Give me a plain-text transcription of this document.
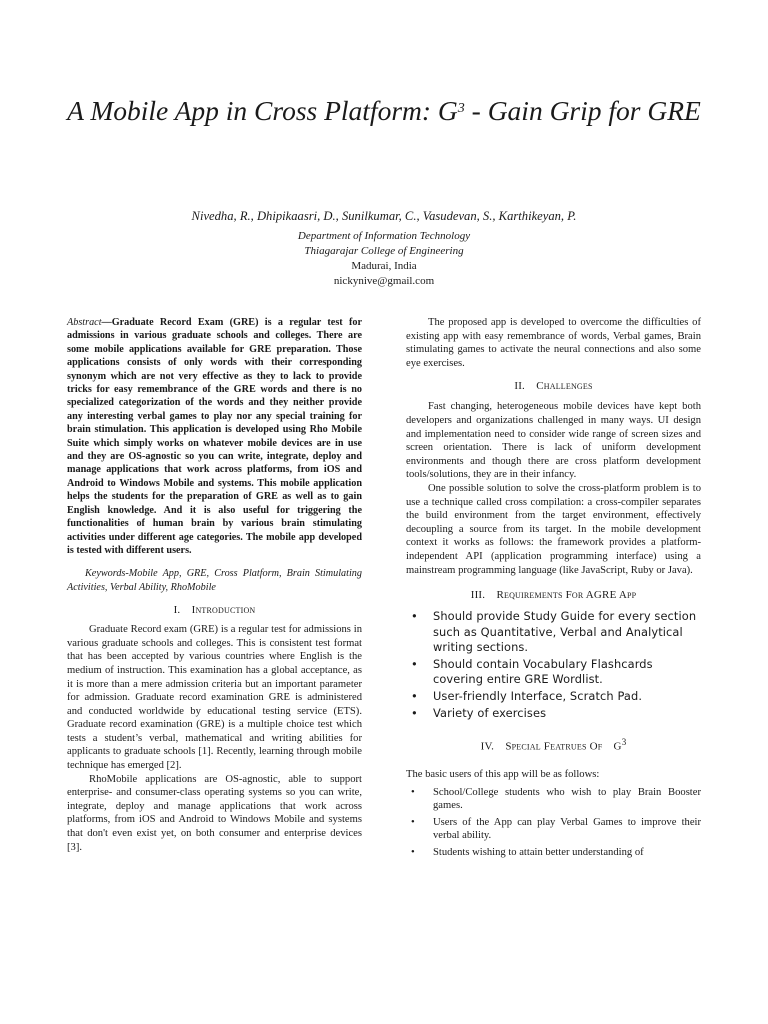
A Mobile App in Cross Platform: $G^3$ - Gain Grip for GRE
Nivedha, R., Dhipikaasri, D., Sunilkumar, C., Vasudevan, S., Karthikeyan, P.
Department of Information Technology
Thiagarajar College of Engineering
Madurai, India
nickynive@gmail.com

Abstract—Graduate Record Exam (GRE) is a regular test for admissions in various graduate schools and colleges. There are some mobile applications available for GRE preparation. Those applications consists of only words with their corresponding synonym which are not very effective as they to lack to provide tricks for easy remembrance of the GRE words and there is no specialized categorization of the words and they neither provide any interesting verbal games to play nor any special training for brain stimulation. This application is developed using Rho Mobile Suite which simply works on whatever mobile devices are in use and they are OS-agnostic so you can write, integrate, deploy and manage applications that work across platforms, from iOS and Android to Windows Mobile and systems. This mobile application helps the students for the preparation of GRE as well as to gain English knowledge. And it is also useful for triggering the functionalities of human brain by various brain stimulating activities under different age categories. The mobile app developed is tested with different users.

Keywords-Mobile App, GRE, Cross Platform, Brain Stimulating Activities, Verbal Ability, RhoMobile

I. Introduction

Graduate Record exam (GRE) is a regular test for admissions in various graduate schools and colleges. This is consistent test format that has been accepted by various countries where English is the medium of instruction. This examination has a global acceptance, as it is more than a mere admission criteria but an important parameter for admission. Graduate record examination GRE is administered and conducted worldwide by educational testing service (ETS). Graduate record examination (GRE) is a multiple choice test which tests a student’s verbal, mathematical and writing abilities for applicants to graduate schools [1]. Recently, learning through mobile technique has emerged [2].

RhoMobile applications are OS-agnostic, able to support enterprise- and consumer-class operating systems so you can write, integrate, deploy and manage applications that work across platforms, from iOS and Android to Windows Mobile and systems that don't even exist yet, on both consumer and enterprise devices [3].

The proposed app is developed to overcome the difficulties of existing app with easy remembrance of words, Verbal games, Brain stimulating games to activate the neural connections and also some eye exercises.

II. Challenges

Fast changing, heterogeneous mobile devices have kept both developers and organizations challenged in many ways. UI design and implementation need to consider wide range of screen sizes and screen orientation. There is lack of uniform development environments and though there are cross platform development tools/solutions, they are in their infancy.

One possible solution to solve the cross-platform problem is to use a technique called cross compilation: a cross-compiler separates the build environment from the target environment, effectively decoupling a source from its target. In the mobile development context it works as follows: the framework provides a platform-independent API (application programming interface) using a mainstream programming language (like JavaScript, Ruby or Java).

III. Requirements For AGRE App
• Should provide Study Guide for every section such as Quantitative, Verbal and Analytical writing sections.
• Should contain Vocabulary Flashcards covering entire GRE Wordlist.
• User-friendly Interface, Scratch Pad.
• Variety of exercises
IV. Special Featrues Of $G^3$

The basic users of this app will be as follows:

• School/College students who wish to play Brain Booster games.
• Users of the App can play Verbal Games to improve their verbal ability.
• Students wishing to attain better understanding of
